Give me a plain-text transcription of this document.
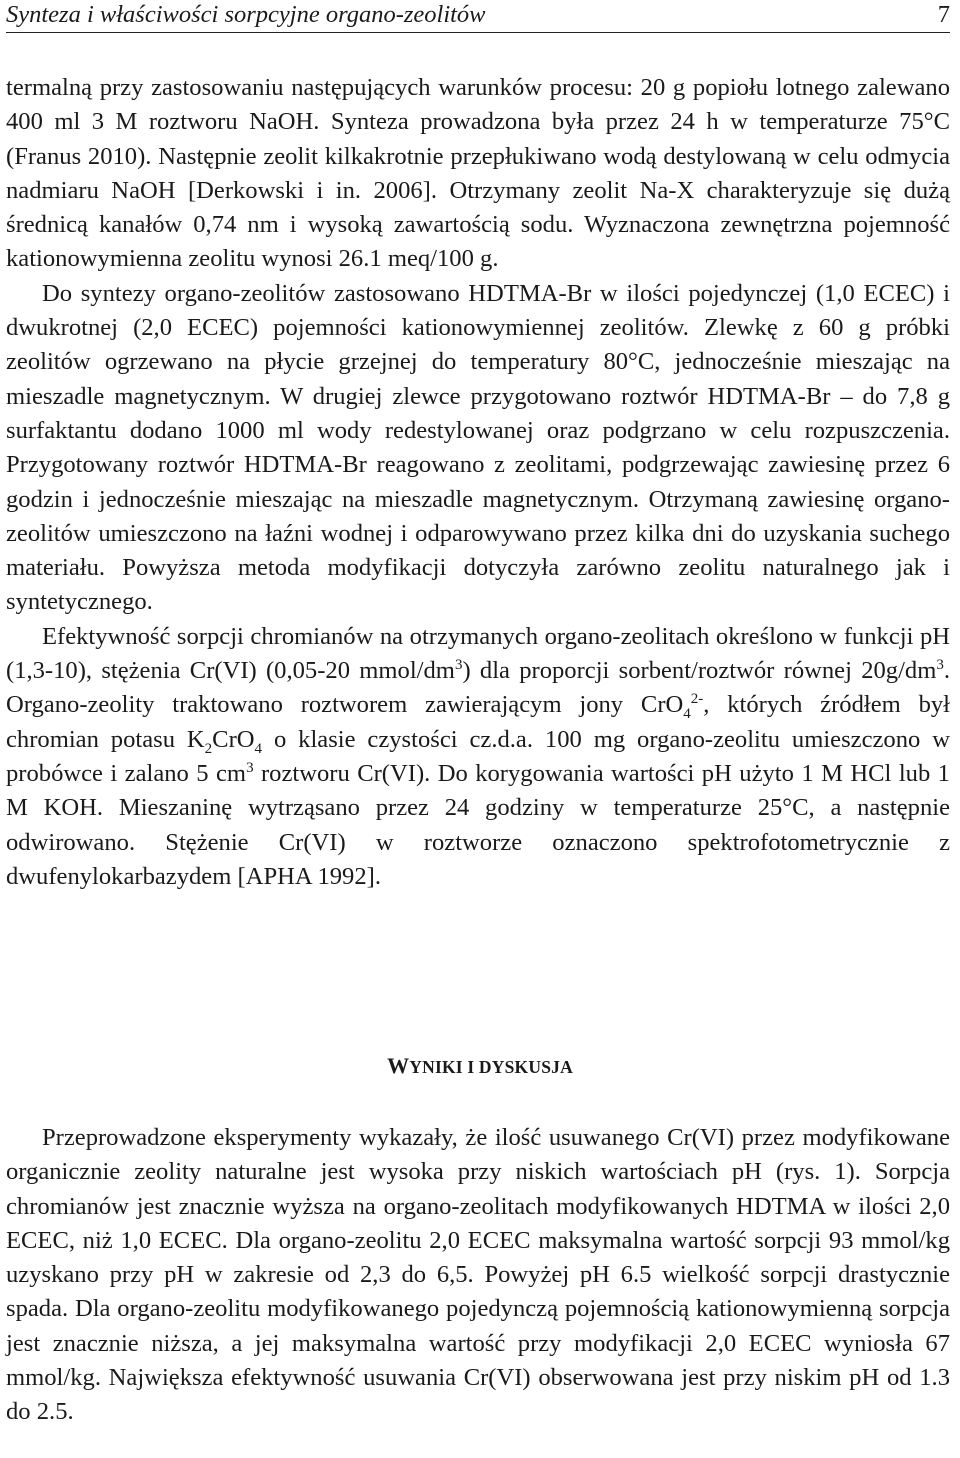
Synteza i właściwości sorpcyjne organo-zeolitów	7

termalną przy zastosowaniu następujących warunków procesu: 20 g popiołu lotnego zalewano 400 ml 3 M roztworu NaOH. Synteza prowadzona była przez 24 h w temperaturze 75°C (Franus 2010). Następnie zeolit kilkakrotnie przepłukiwano wodą destylowaną w celu odmycia nadmiaru NaOH [Derkowski i in. 2006]. Otrzymany zeolit Na-X charakteryzuje się dużą średnicą kanałów 0,74 nm i wysoką zawartością sodu. Wyznaczona zewnętrzna pojemność kationowymienna zeolitu wynosi 26.1 meq/100 g.

Do syntezy organo-zeolitów zastosowano HDTMA-Br w ilości pojedynczej (1,0 ECEC) i dwukrotnej (2,0 ECEC) pojemności kationowymiennej zeolitów. Zlewkę z 60 g próbki zeolitów ogrzewano na płycie grzejnej do temperatury 80°C, jednocześnie mieszając na mieszadle magnetycznym. W drugiej zlewce przygotowano roztwór HDTMA-Br – do 7,8 g surfaktantu dodano 1000 ml wody redestylowanej oraz podgrzano w celu rozpuszczenia. Przygotowany roztwór HDTMA-Br reagowano z zeolitami, podgrzewając zawiesinę przez 6 godzin i jednocześnie mieszając na mieszadle magnetycznym. Otrzymaną zawiesinę organo-zeolitów umieszczono na łaźni wodnej i odparowywano przez kilka dni do uzyskania suchego materiału. Powyższa metoda modyfikacji dotyczyła zarówno zeolitu naturalnego jak i syntetycznego.

Efektywność sorpcji chromianów na otrzymanych organo-zeolitach określono w funkcji pH (1,3-10), stężenia Cr(VI) (0,05-20 mmol/$dm^3$) dla proporcji sorbent/roztwór równej $20g/dm^3$. Organo-zeolity traktowano roztworem zawierającym jony CrO$_4^{2-}$, których źródłem był chromian potasu $K_2CrO_4$ o klasie czystości cz.d.a. 100 mg organo-zeolitu umieszczono w probówce i zalano 5 $cm^3$ roztworu Cr(VI). Do korygowania wartości pH użyto 1 M HCl lub 1 M KOH. Mieszaninę wytrząsano przez 24 godziny w temperaturze 25°C, a następnie odwirowano. Stężenie Cr(VI) w roztworze oznaczono spektrofotometrycznie z dwufenylokarbazydem [APHA 1992].

WYNIKI I DYSKUSJA

Przeprowadzone eksperymenty wykazały, że ilość usuwanego Cr(VI) przez modyfikowane organicznie zeolity naturalne jest wysoka przy niskich wartościach pH (rys. 1). Sorpcja chromianów jest znacznie wyższa na organo-zeolitach modyfikowanych HDTMA w ilości 2,0 ECEC, niż 1,0 ECEC. Dla organo-zeolitu 2,0 ECEC maksymalna wartość sorpcji 93 mmol/kg uzyskano przy pH w zakresie od 2,3 do 6,5. Powyżej pH 6.5 wielkość sorpcji drastycznie spada. Dla organo-zeolitu modyfikowanego pojedynczą pojemnością kationowymienną sorpcja jest znacznie niższa, a jej maksymalna wartość przy modyfikacji 2,0 ECEC wyniosła 67 mmol/kg. Największa efektywność usuwania Cr(VI) obserwowana jest przy niskim pH od 1.3 do 2.5.
